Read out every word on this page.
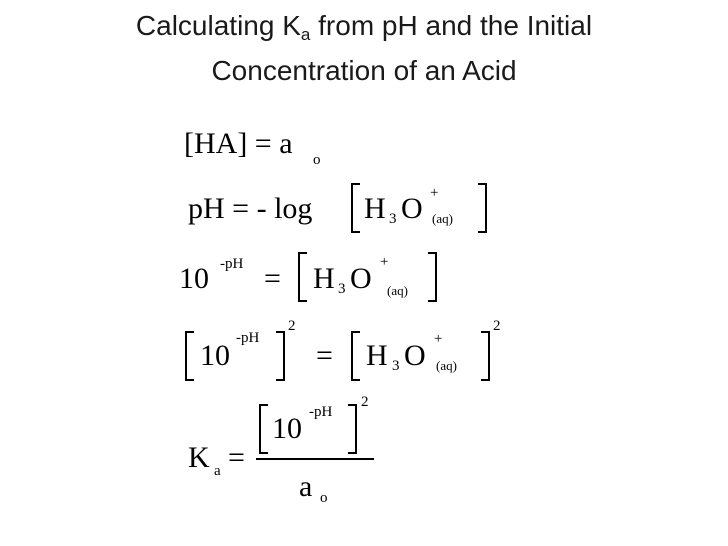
Calculating $K_a$ from pH and the Initial
Concentration of an Acid
[HA] = a o
pH = - log H 3 O +
(aq)
10 -pH = H 3 O +
(aq)
10
-pH
2
= H 3 O +
(aq)
2
K a =
10 -pH
2
a o
